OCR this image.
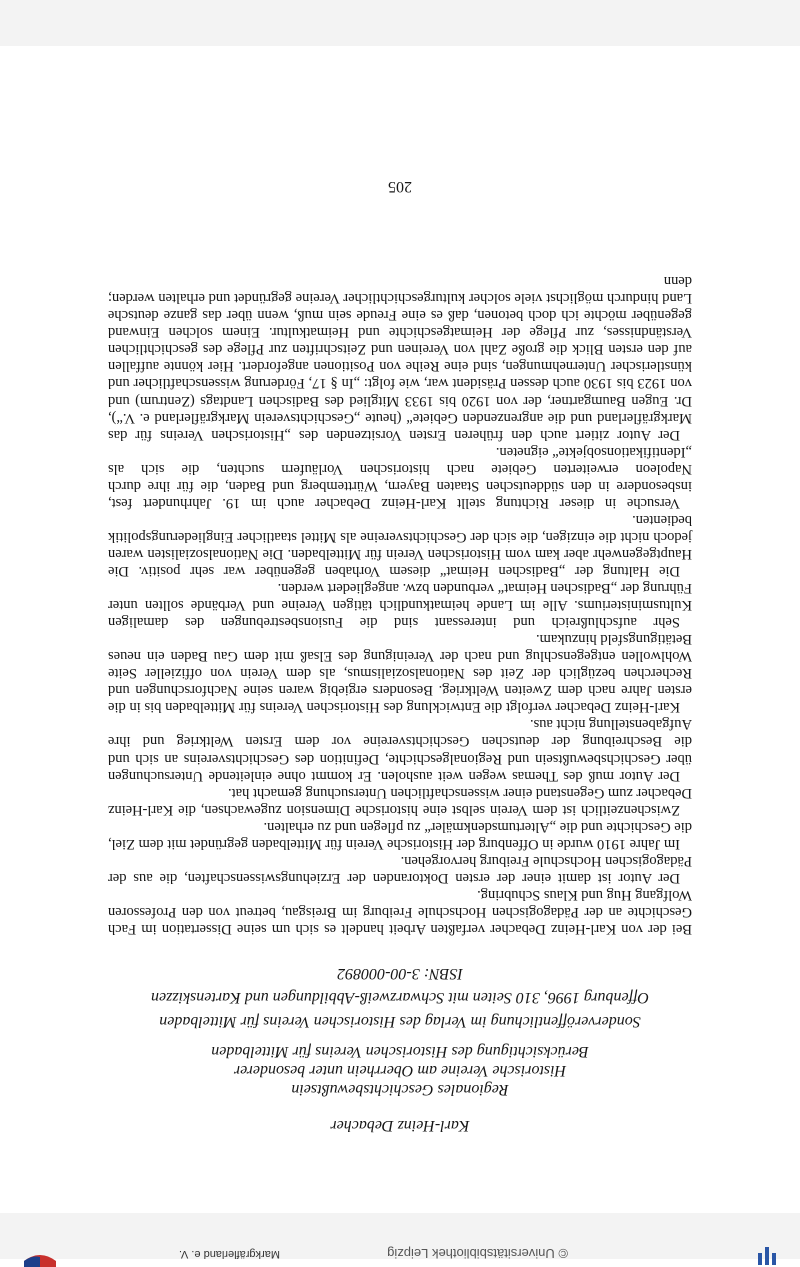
© Universitätsbibliothek Leipzig
Markgräflerland e. V.
Karl-Heinz Debacher
Regionales Geschichtsbewußtsein
Historische Vereine am Oberrhein unter besonderer
Berücksichtigung des Historischen Vereins für Mittelbaden
Sonderveröffentlichung im Verlag des Historischen Vereins für Mittelbaden
Offenburg 1996, 310 Seiten mit Schwarzweiß-Abbildungen und Kartenskizzen
ISBN: 3-00-000892

Bei der von Karl-Heinz Debacher verfaßten Arbeit handelt es sich um seine Dissertation im Fach Geschichte an der Pädagogischen Hochschule Freiburg im Breisgau, betreut von den Professoren Wolfgang Hug und Klaus Schubring.

Der Autor ist damit einer der ersten Doktoranden der Erziehungswissenschaften, die aus der Pädagogischen Hochschule Freiburg hervorgehen.

Im Jahre 1910 wurde in Offenburg der Historische Verein für Mittelbaden gegründet mit dem Ziel, die Geschichte und die „Altertumsdenkmäler“ zu pflegen und zu erhalten.

Zwischenzeitlich ist dem Verein selbst eine historische Dimension zugewachsen, die Karl-Heinz Debacher zum Gegenstand einer wissenschaftlichen Untersuchung gemacht hat.

Der Autor muß des Themas wegen weit ausholen. Er kommt ohne einleitende Untersuchungen über Geschichsbewußtsein und Regionalgeschichte, Definition des Geschichtsvereins an sich und die Beschreibung der deutschen Geschichtsvereine vor dem Ersten Weltkrieg und ihre Aufgabenstellung nicht aus.

Karl-Heinz Debacher verfolgt die Entwicklung des Historischen Vereins für Mittelbaden bis in die ersten Jahre nach dem Zweiten Weltkrieg. Besonders ergiebig waren seine Nachforschungen und Recherchen bezüglich der Zeit des Nationalsozialismus, als dem Verein von offizieller Seite Wohlwollen entgegenschlug und nach der Vereinigung des Elsaß mit dem Gau Baden ein neues Betätigungsfeld hinzukam.

Sehr aufschlußreich und interessant sind die Fusionsbestrebungen des damaligen Kultusministeriums. Alle im Lande heimatkundlich tätigen Vereine und Verbände sollten unter Führung der „Badischen Heimat“ verbunden bzw. angegliedert werden.

Die Haltung der „Badischen Heimat“ diesem Vorhaben gegenüber war sehr positiv. Die Hauptgegenwehr aber kam vom Historischen Verein für Mittelbaden. Die Nationalsozialisten waren jedoch nicht die einzigen, die sich der Geschichtsvereine als Mittel staatlicher Eingliederungspolitik bedienten.

Versuche in dieser Richtung stellt Karl-Heinz Debacher auch im 19. Jahrhundert fest, insbesondere in den süddeutschen Staaten Bayern, Württemberg und Baden, die für ihre durch Napoleon erweiterten Gebiete nach historischen Vorläufern suchten, die sich als „Identifikationsobjekte“ eigneten.

Der Autor zitiert auch den früheren Ersten Vorsitzenden des „Historischen Vereins für das Markgräflerland und die angrenzenden Gebiete“ (heute „Geschichtsverein Markgräflerland e. V.“), Dr. Eugen Baumgartner, der von 1920 bis 1933 Mitglied des Badischen Landtags (Zentrum) und von 1923 bis 1930 auch dessen Präsident war, wie folgt: „In § 17, Förderung wissenschaftlicher und künstlerischer Unternehmungen, sind eine Reihe von Positionen angefordert. Hier könnte auffallen auf den ersten Blick die große Zahl von Vereinen und Zeitschriften zur Pflege des geschichtlichen Verständnisses, zur Pflege der Heimatgeschichte und Heimatkultur. Einem solchen Einwand gegenüber möchte ich doch betonen, daß es eine Freude sein muß, wenn über das ganze deutsche Land hindurch möglichst viele solcher kulturgeschichtlicher Vereine gegründet und erhalten werden; denn

205
